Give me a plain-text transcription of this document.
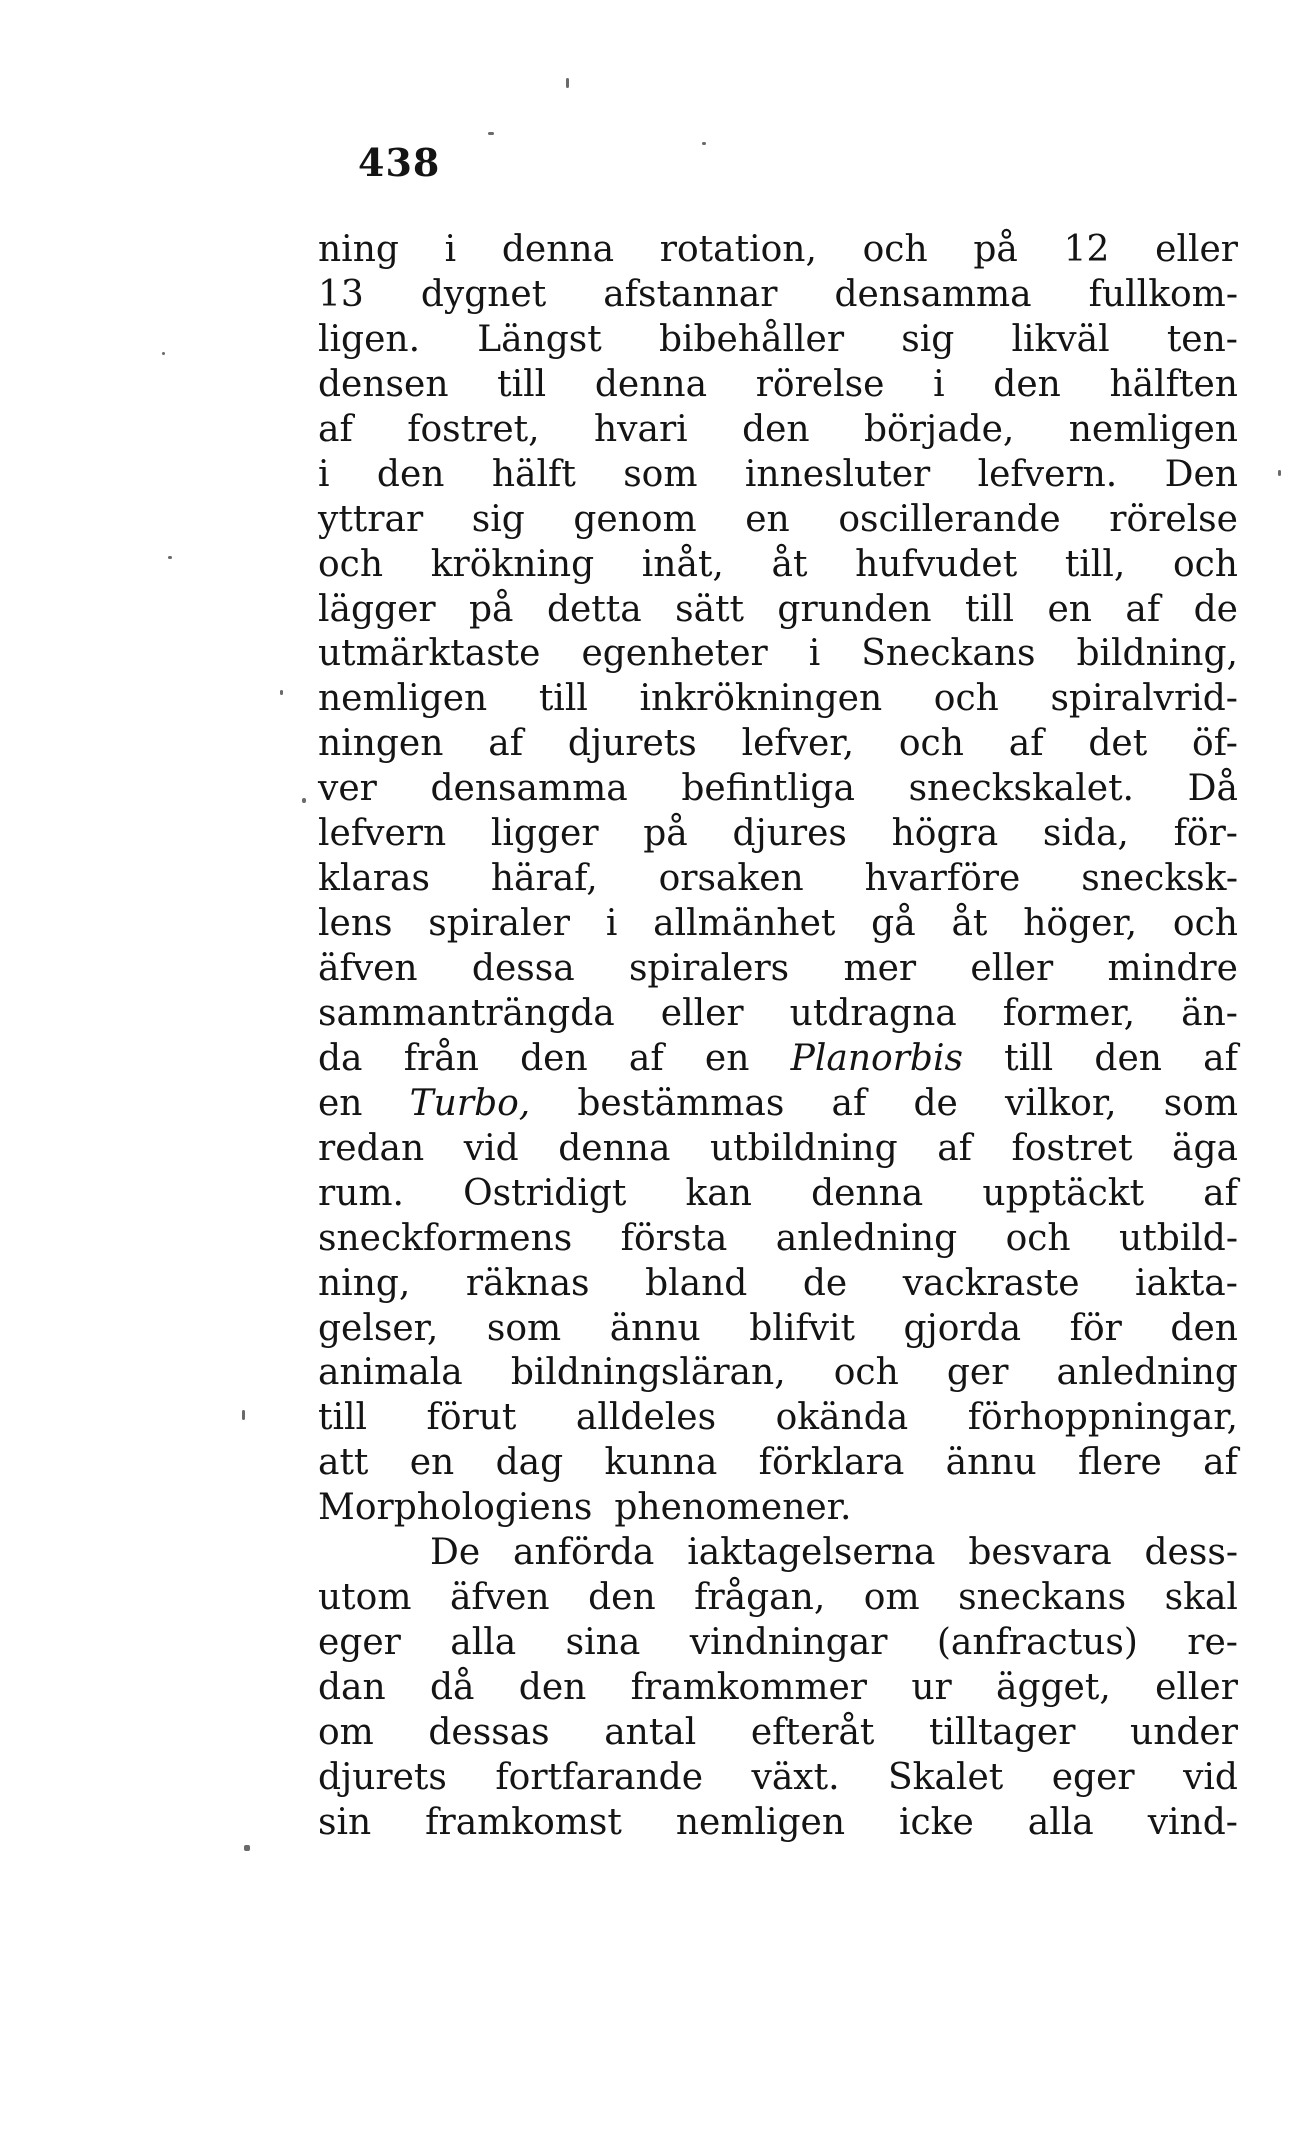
438
ning i denna rotation, och på 12 eller
13 dygnet afstannar densamma fullkom-
ligen. Längst bibehåller sig likväl ten-
densen till denna rörelse i den hälften
af fostret, hvari den började, nemligen
i den hälft som innesluter lefvern. Den
yttrar sig genom en oscillerande rörelse
och krökning inåt, åt hufvudet till, och
lägger på detta sätt grunden till en af de
utmärktaste egenheter i Sneckans bildning,
nemligen till inkrökningen och spiralvrid-
ningen af djurets lefver, och af det öf-
ver densamma befintliga sneckskalet. Då
lefvern ligger på djures högra sida, för-
klaras häraf, orsaken hvarföre snecksk-
lens spiraler i allmänhet gå åt höger, och
äfven dessa spiralers mer eller mindre
sammanträngda eller utdragna former, än-
da från den af en Planorbis till den af
en Turbo, bestämmas af de vilkor, som
redan vid denna utbildning af fostret äga
rum. Ostridigt kan denna upptäckt af
sneckformens första anledning och utbild-
ning, räknas bland de vackraste iakta-
gelser, som ännu blifvit gjorda för den
animala bildningsläran, och ger anledning
till förut alldeles okända förhoppningar,
att en dag kunna förklara ännu flere af
Morphologiens phenomener.
De anförda iaktagelserna besvara dess-
utom äfven den frågan, om sneckans skal
eger alla sina vindningar (anfractus) re-
dan då den framkommer ur ägget, eller
om dessas antal efteråt tilltager under
djurets fortfarande växt. Skalet eger vid
sin framkomst nemligen icke alla vind-
